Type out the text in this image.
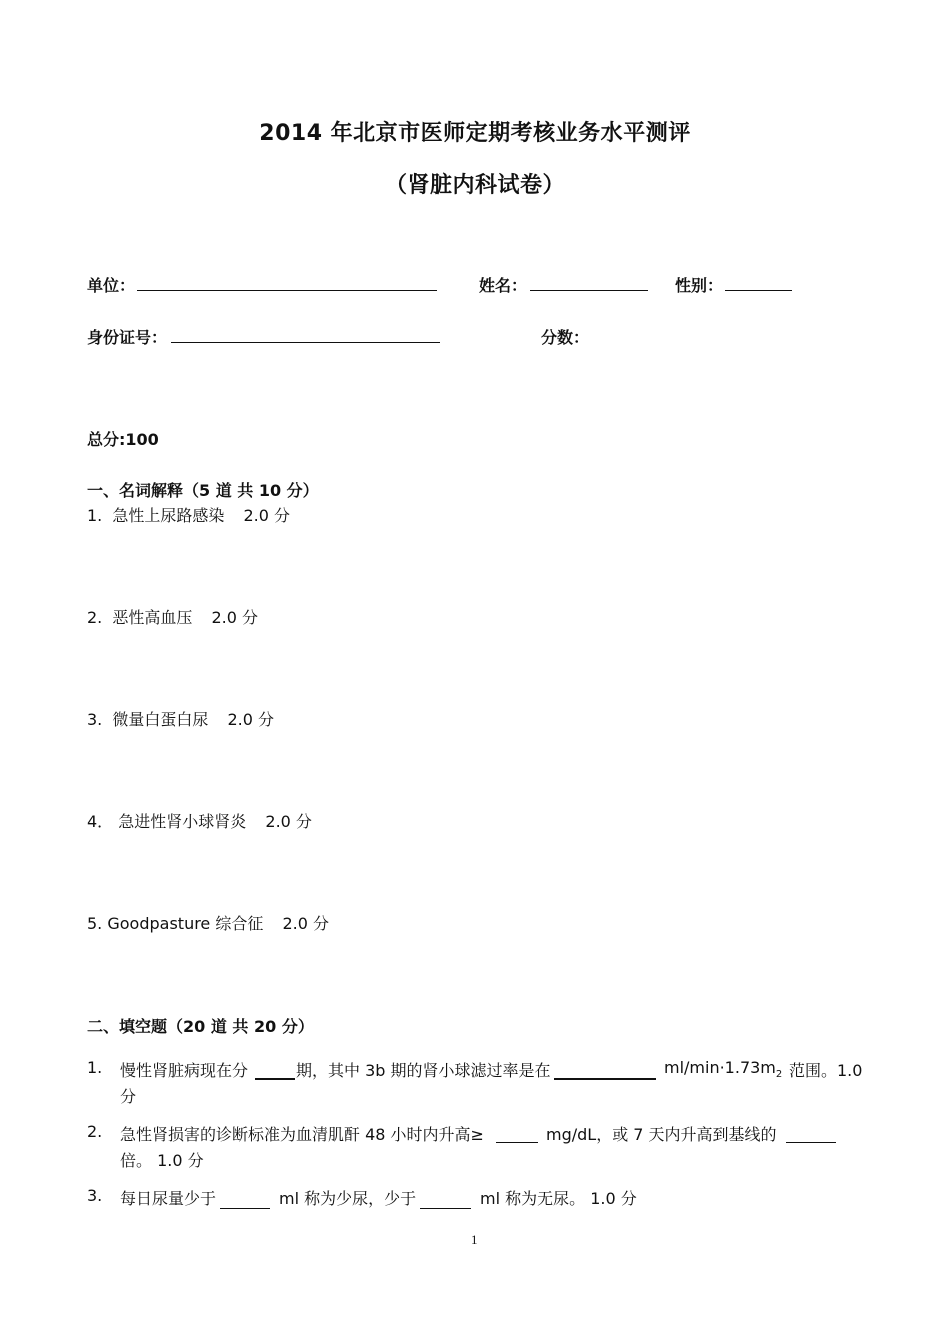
2014 年北京市医师定期考核业务水平测评
（肾脏内科试卷）
单位：	姓名：	性别：
身份证号：	分数：
总分:100
一、名词解释（5 道 共 10 分）
1. 急性上尿路感染 2.0 分
2. 恶性高血压 2.0 分
3. 微量白蛋白尿 2.0 分
4． 急进性肾小球肾炎 2.0 分
5. Goodpasture 综合征 2.0 分
二、填空题（20 道 共 20 分）
1. 慢性肾脏病现在分	期，其中 3b 期的肾小球滤过率是在	$ml/\min\cdot 1.73m_2$ 范围。1.0
分
2. 急性肾损害的诊断标准为血清肌酐 48 小时内升高≥	mg/dL，或 7 天内升高到基线的
倍。 1.0 分
3. 每日尿量少于	ml 称为少尿，少于	ml 称为无尿。 1.0 分
1
